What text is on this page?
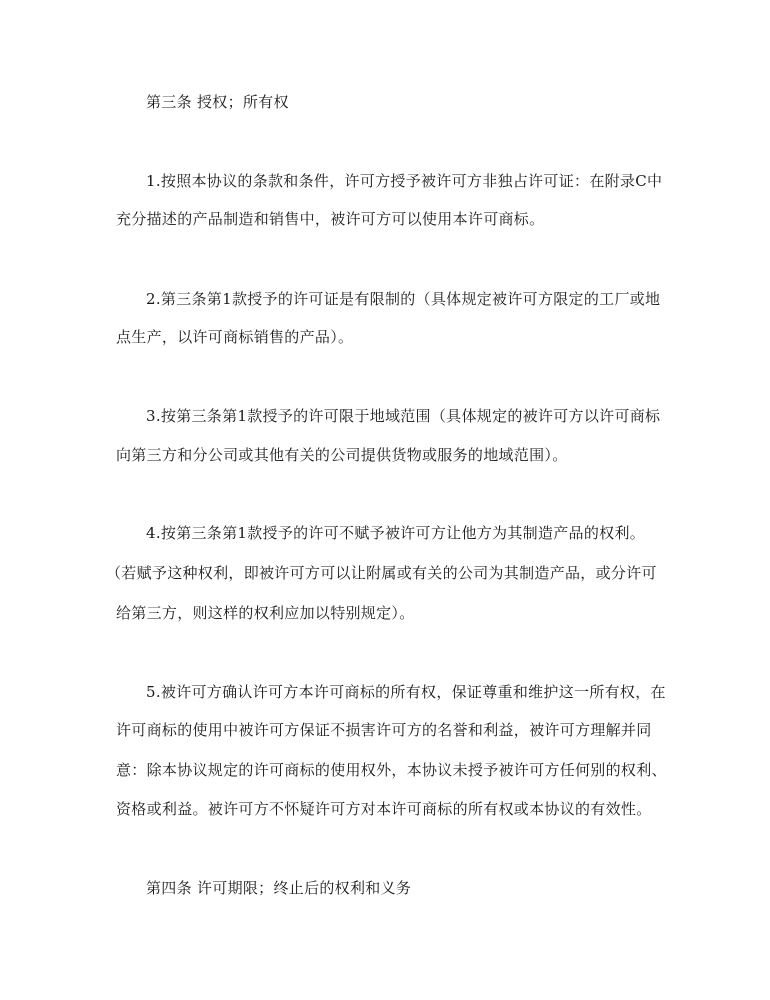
第三条 授权；所有权
1.按照本协议的条款和条件，许可方授予被许可方非独占许可证：在附录C中
充分描述的产品制造和销售中，被许可方可以使用本许可商标。
2.第三条第1款授予的许可证是有限制的（具体规定被许可方限定的工厂或地
点生产，以许可商标销售的产品）。
3.按第三条第1款授予的许可限于地域范围（具体规定的被许可方以许可商标
向第三方和分公司或其他有关的公司提供货物或服务的地域范围）。
4.按第三条第1款授予的许可不赋予被许可方让他方为其制造产品的权利。
（若赋予这种权利，即被许可方可以让附属或有关的公司为其制造产品，或分许可
给第三方，则这样的权利应加以特别规定）。
5.被许可方确认许可方本许可商标的所有权，保证尊重和维护这一所有权，在
许可商标的使用中被许可方保证不损害许可方的名誉和利益，被许可方理解并同
意：除本协议规定的许可商标的使用权外，本协议未授予被许可方任何别的权利、
资格或利益。被许可方不怀疑许可方对本许可商标的所有权或本协议的有效性。
第四条 许可期限；终止后的权利和义务
